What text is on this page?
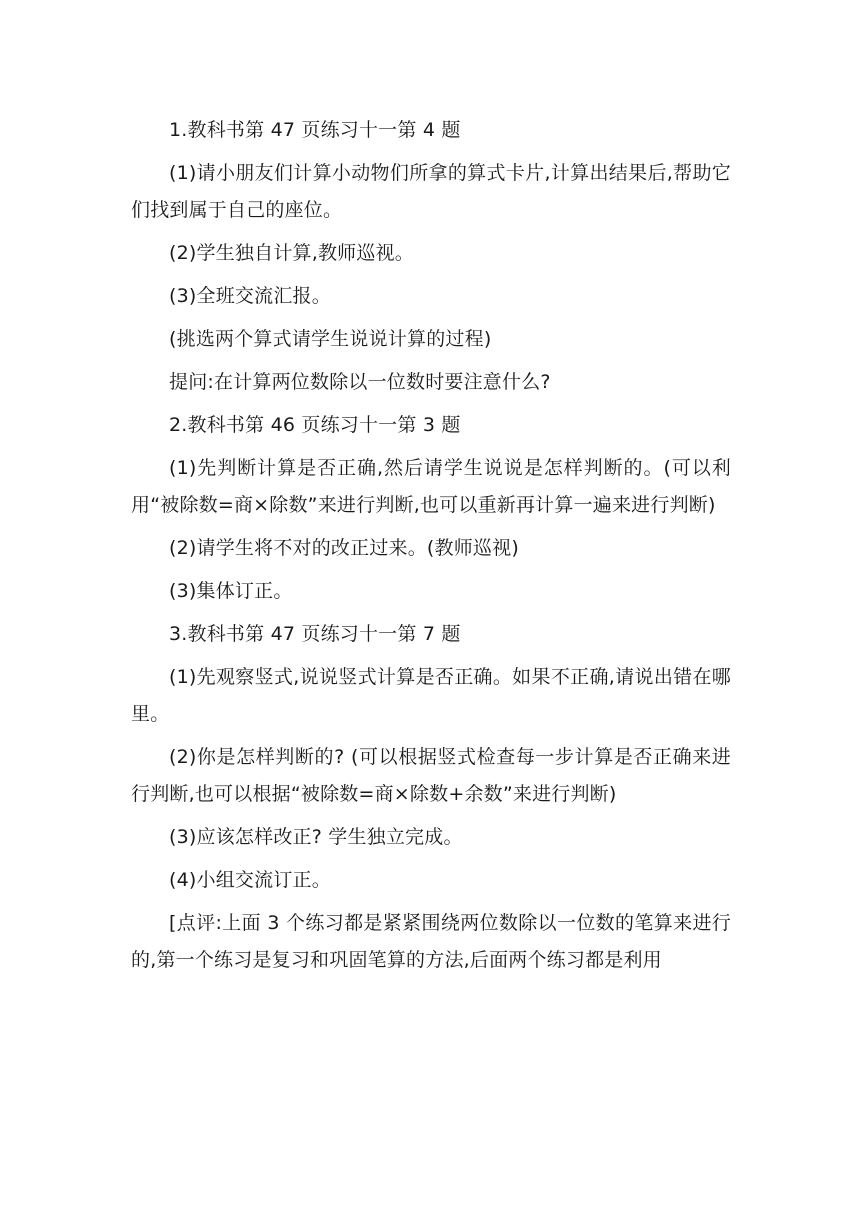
1.教科书第 47 页练习十一第 4 题

(1)请小朋友们计算小动物们所拿的算式卡片,计算出结果后,帮助它们找到属于自己的座位。

(2)学生独自计算,教师巡视。

(3)全班交流汇报。

(挑选两个算式请学生说说计算的过程)

提问:在计算两位数除以一位数时要注意什么?

2.教科书第 46 页练习十一第 3 题

(1)先判断计算是否正确,然后请学生说说是怎样判断的。(可以利用“被除数=商×除数”来进行判断,也可以重新再计算一遍来进行判断)

(2)请学生将不对的改正过来。(教师巡视)

(3)集体订正。

3.教科书第 47 页练习十一第 7 题

(1)先观察竖式,说说竖式计算是否正确。如果不正确,请说出错在哪里。

(2)你是怎样判断的? (可以根据竖式检查每一步计算是否正确来进行判断,也可以根据“被除数=商×除数+余数”来进行判断)

(3)应该怎样改正? 学生独立完成。

(4)小组交流订正。

[点评:上面 3 个练习都是紧紧围绕两位数除以一位数的笔算来进行的,第一个练习是复习和巩固笔算的方法,后面两个练习都是利用
